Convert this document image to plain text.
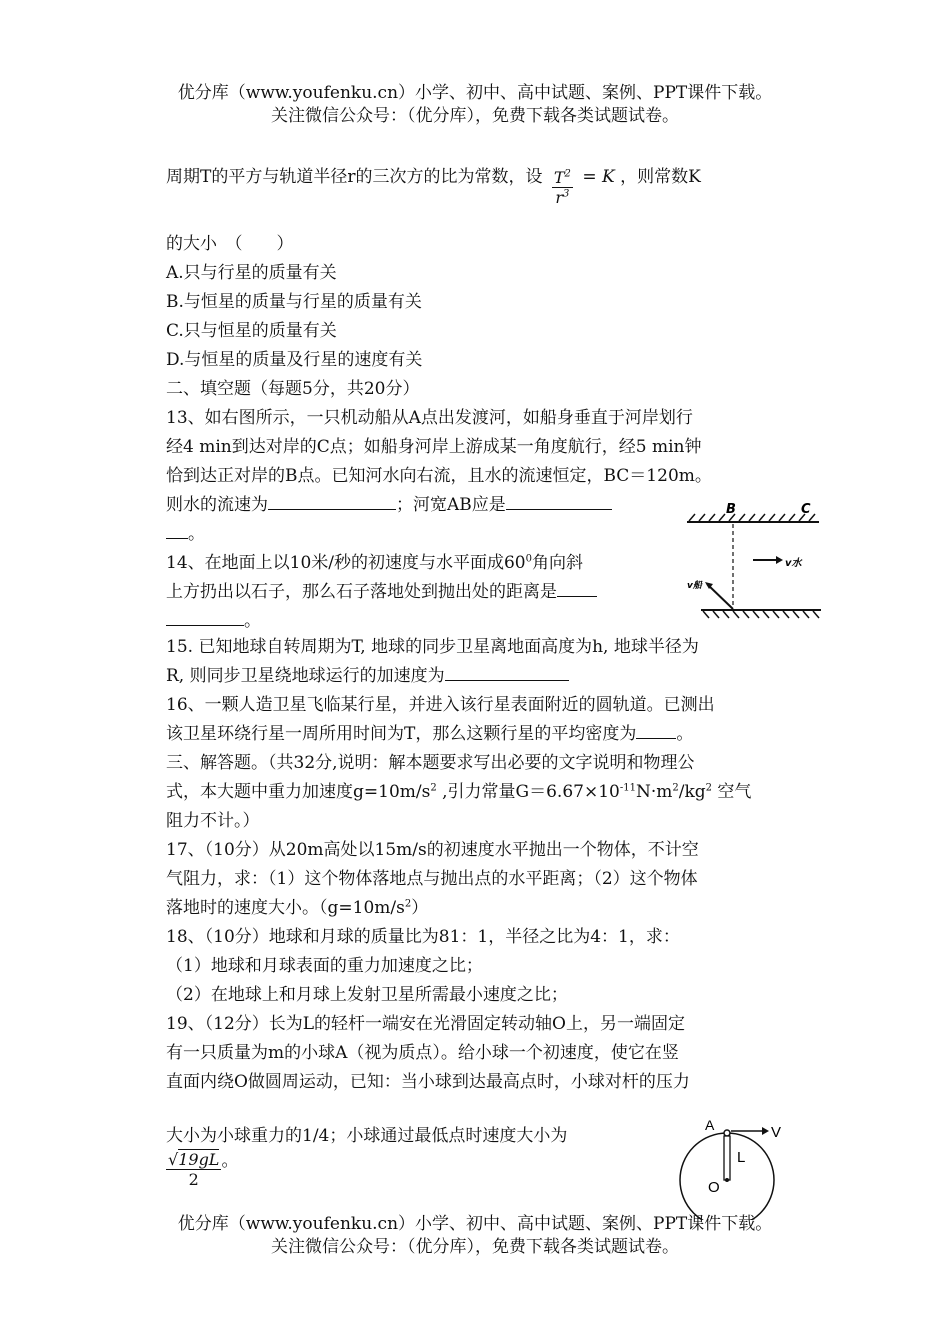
优分库（www.youfenku.cn）小学、初中、高中试题、案例、PPT课件下载。
关注微信公众号：（优分库），免费下载各类试题试卷。
周期T的平方与轨道半径r的三次方的比为常数，设 $\frac{T^2}{r^3} = K$ ，则常数K
的大小　（　　）
A.只与行星的质量有关
B.与恒星的质量与行星的质量有关
C.只与恒星的质量有关
D.与恒星的质量及行星的速度有关
二、填空题（每题5分，共20分）
13、如右图所示，一只机动船从A点出发渡河，如船身垂直于河岸划行
经4 min到达对岸的C点；如船身河岸上游成某一角度航行，经5 min钟
恰到达正对岸的B点。已知河水向右流，且水的流速恒定，BC＝120m。
则水的流速为	；河宽AB应是
。
14、在地面上以10米/秒的初速度与水平面成$60^0$角向斜
上方扔出以石子，那么石子落地处到抛出处的距离是
。
15. 已知地球自转周期为T, 地球的同步卫星离地面高度为h, 地球半径为
R, 则同步卫星绕地球运行的加速度为
16、一颗人造卫星飞临某行星，并进入该行星表面附近的圆轨道。已测出
该卫星环绕行星一周所用时间为T，那么这颗行星的平均密度为 。
三、解答题。（共32分,说明：解本题要求写出必要的文字说明和物理公
式，本大题中重力加速度$g=10m/s^2$ ,引力常量$G=6.67\times 10^{-11}N\cdot m^2/kg^2$ 空气
阻力不计。）
17、（10分）从20m高处以15m/s的初速度水平抛出一个物体，不计空
气阻力，求：（1）这个物体落地点与抛出点的水平距离；（2）这个物体
落地时的速度大小。$(g=10m/s^2)$
18、（10分）地球和月球的质量比为81：1，半径之比为4：1，求：
（1）地球和月球表面的重力加速度之比；
（2）在地球上和月球上发射卫星所需最小速度之比；
19、（12分）长为L的轻杆一端安在光滑固定转动轴O上，另一端固定
有一只质量为m的小球A（视为质点）。给小球一个初速度，使它在竖
直面内绕O做圆周运动，已知：当小球到达最高点时，小球对杆的压力
大小为小球重力的1/4；小球通过最低点时速度大小为
$\frac{√19gL}{2}$ 。
B	C
v水
v船
A	V
L
O
优分库（www.youfenku.cn）小学、初中、高中试题、案例、PPT课件下载。
关注微信公众号：（优分库），免费下载各类试题试卷。
